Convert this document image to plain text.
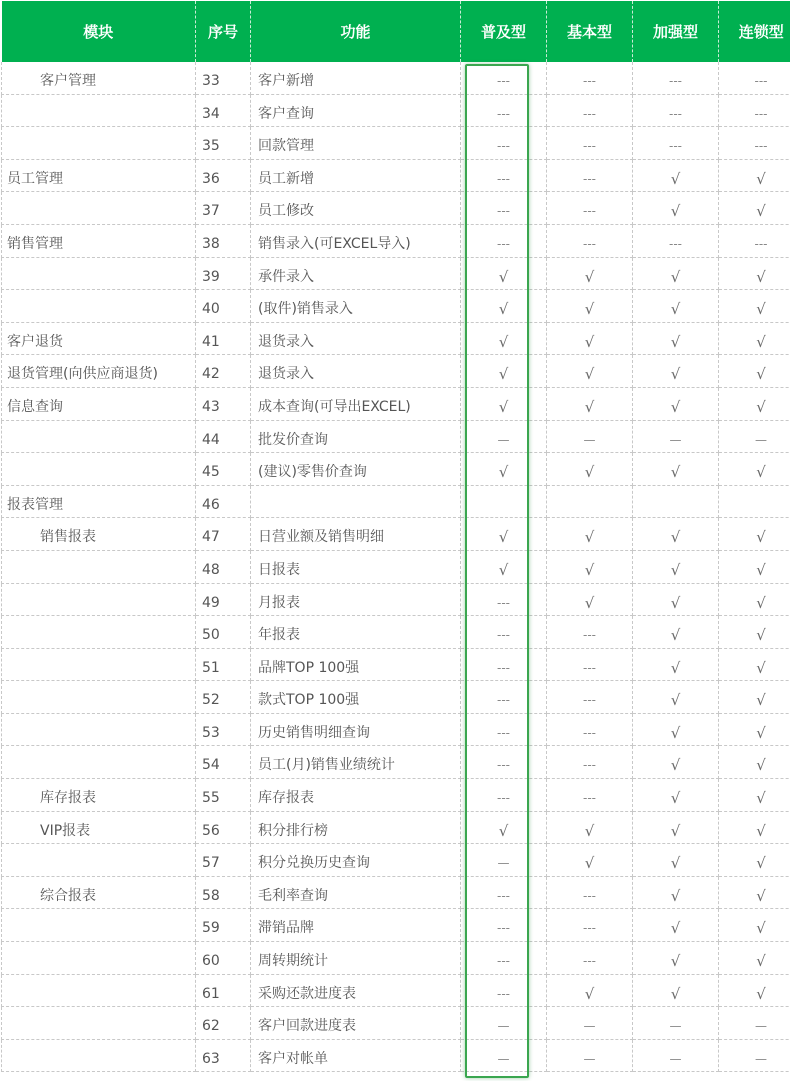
模块	序号	功能	普及型	基本型	加强型	连锁型

客户管理	33	客户新增	---	---	---	---

	34	客户查询	---	---	---	---

	35	回款管理	---	---	---	---

员工管理	36	员工新增	---	---	√	√

	37	员工修改	---	---	√	√

销售管理	38	销售录入(可EXCEL导入)	---	---	---	---

	39	承件录入	√	√	√	√

	40	(取件)销售录入	√	√	√	√

客户退货	41	退货录入	√	√	√	√

退货管理(向供应商退货)	42	退货录入	√	√	√	√

信息查询	43	成本查询(可导出EXCEL)	√	√	√	√

	44	批发价查询	—	—	—	—

	45	(建议)零售价查询	√	√	√	√

报表管理	46					

销售报表	47	日营业额及销售明细	√	√	√	√

	48	日报表	√	√	√	√

	49	月报表	---	√	√	√

	50	年报表	---	---	√	√

	51	品牌TOP 100强	---	---	√	√

	52	款式TOP 100强	---	---	√	√

	53	历史销售明细查询	---	---	√	√

	54	员工(月)销售业绩统计	---	---	√	√

库存报表	55	库存报表	---	---	√	√

VIP报表	56	积分排行榜	√	√	√	√

	57	积分兑换历史查询	—	√	√	√

综合报表	58	毛利率查询	---	---	√	√

	59	滞销品牌	---	---	√	√

	60	周转期统计	---	---	√	√

	61	采购还款进度表	---	√	√	√

	62	客户回款进度表	—	—	—	—

	63	客户对帐单	—	—	—	—
